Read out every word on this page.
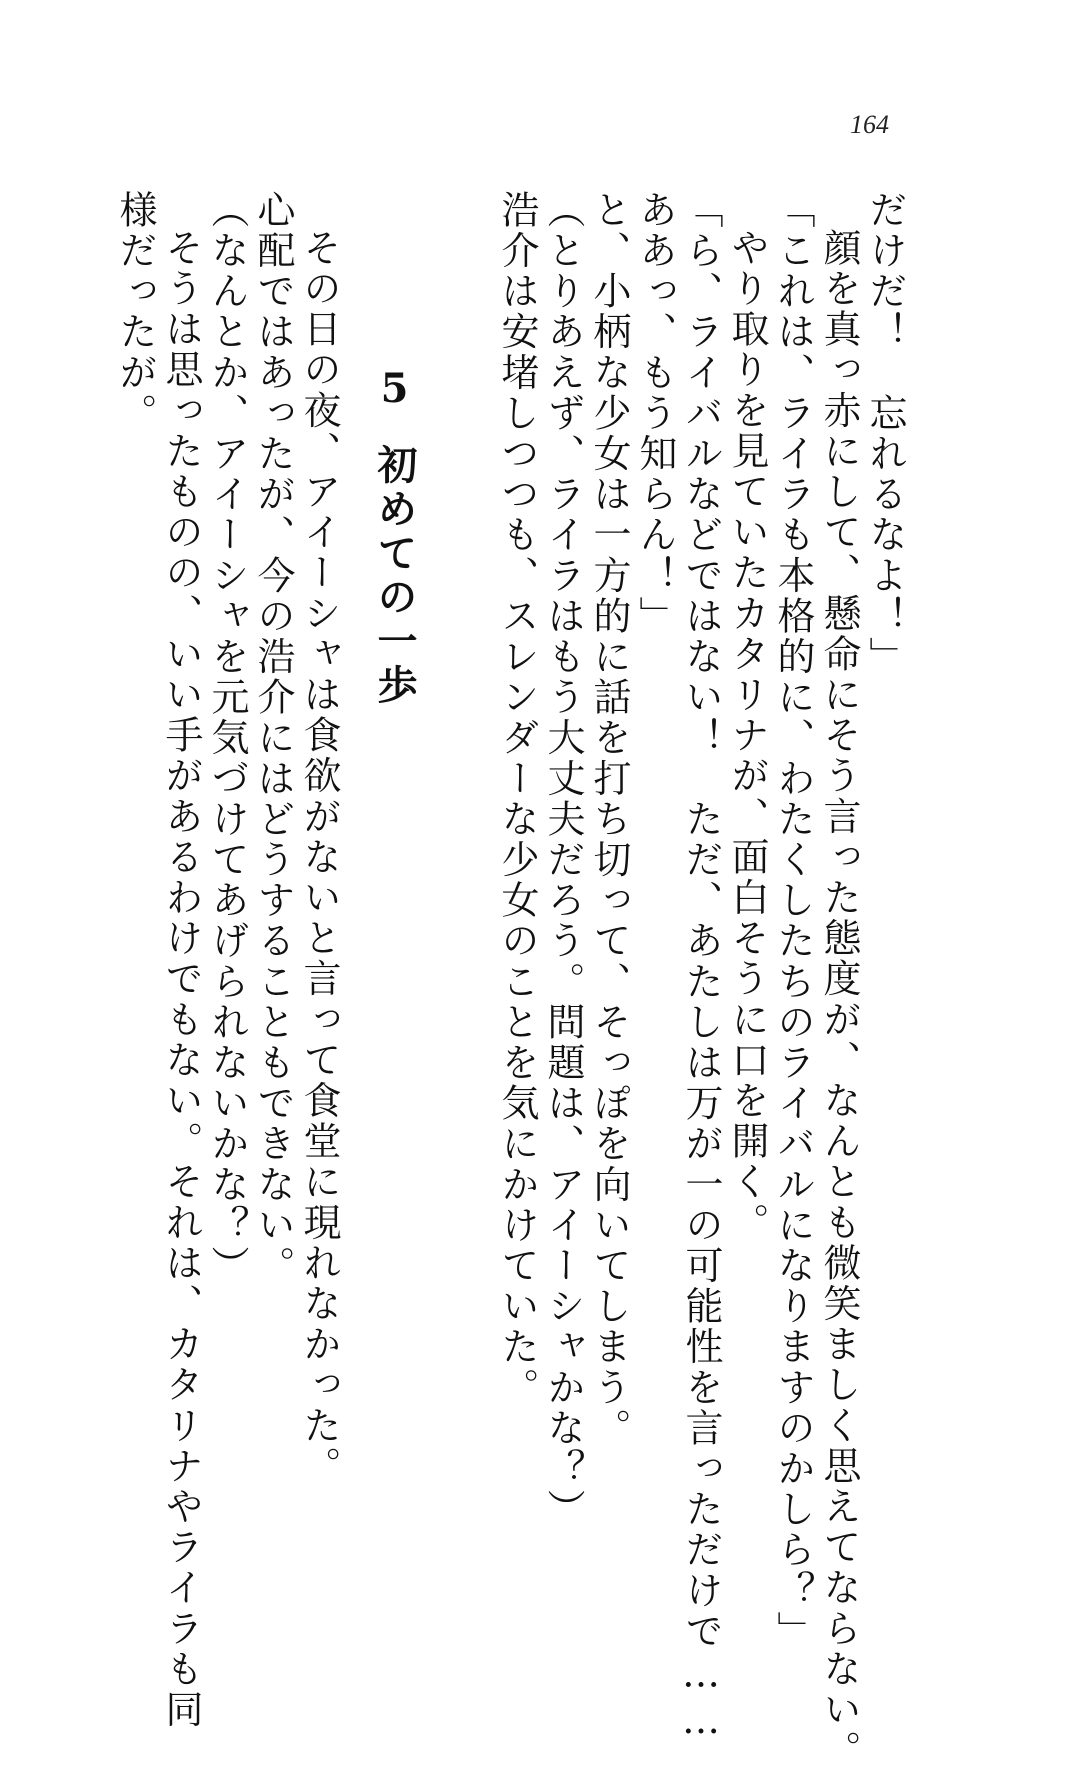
164
だけだ！　忘れるなよ！」
顔を真っ赤にして、懸命にそう言った態度が、なんとも微笑ましく思えてならない。
「これは、ライラも本格的に、わたくしたちのライバルになりますのかしら？」
やり取りを見ていたカタリナが、面白そうに口を開く。
「ら、ライバルなどではない！　ただ、あたしは万が一の可能性を言っただけで……
ああっ、もう知らん！」
と、小柄な少女は一方的に話を打ち切って、そっぽを向いてしまう。
（とりあえず、ライラはもう大丈夫だろう。問題は、アイーシャかな？）
浩介は安堵しつつも、スレンダーな少女のことを気にかけていた。
5初めての一歩
その日の夜、アイーシャは食欲がないと言って食堂に現れなかった。
心配ではあったが、今の浩介にはどうすることもできない。
（なんとか、アイーシャを元気づけてあげられないかな？）
そうは思ったものの、いい手があるわけでもない。それは、カタリナやライラも同
様だったが。
